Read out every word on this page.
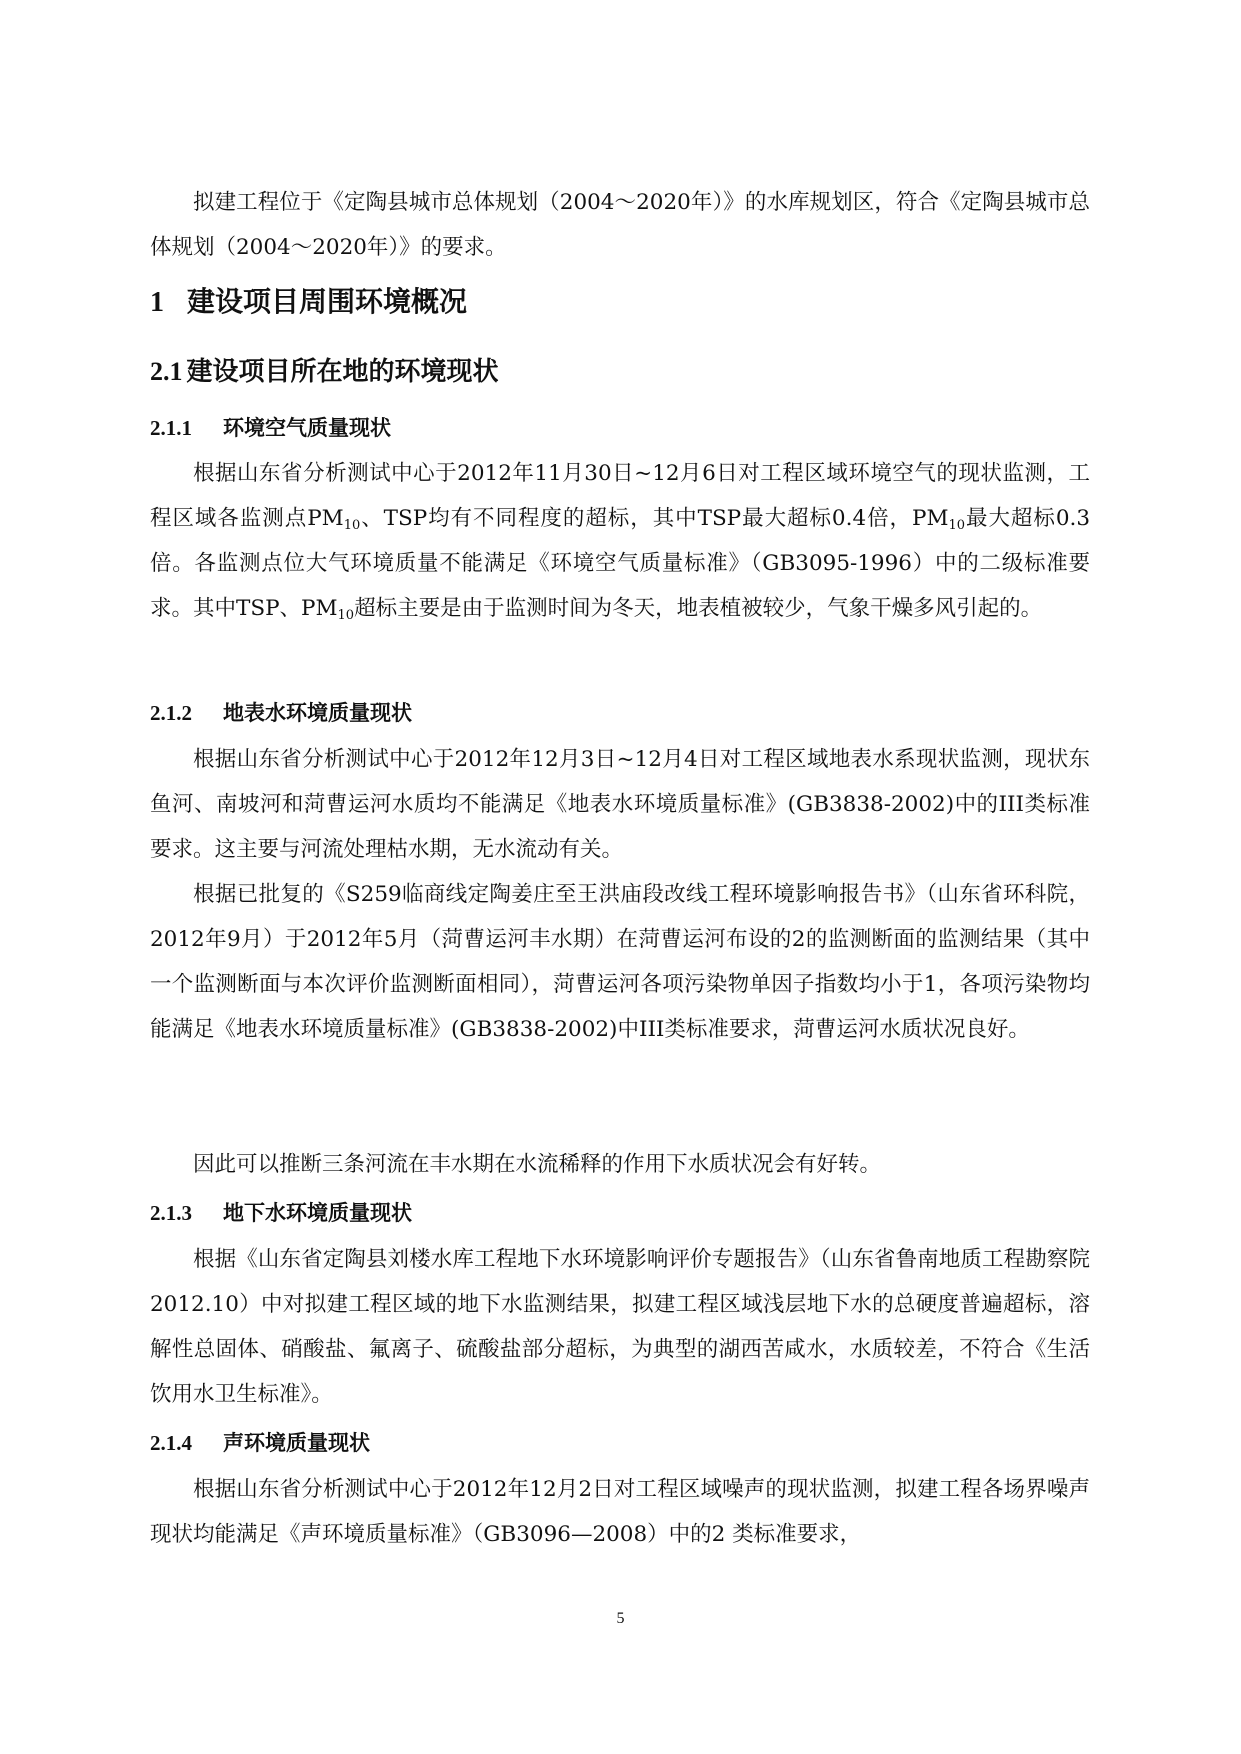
拟建工程位于《定陶县城市总体规划（2004～2020年）》的水库规划区，符合《定陶县城市总体规划（2004～2020年）》的要求。
1 建设项目周围环境概况
2.1 建设项目所在地的环境现状
2.1.1 环境空气质量现状
根据山东省分析测试中心于2012年11月30日~12月6日对工程区域环境空气的现状监测，工程区域各监测点$PM_{10}$、TSP均有不同程度的超标，其中TSP最大超标0.4倍，$PM_{10}$最大超标0.3倍。各监测点位大气环境质量不能满足《环境空气质量标准》（GB3095-1996）中的二级标准要求。其中TSP、$PM_{10}$超标主要是由于监测时间为冬天，地表植被较少，气象干燥多风引起的。
2.1.2 地表水环境质量现状
根据山东省分析测试中心于2012年12月3日~12月4日对工程区域地表水系现状监测，现状东鱼河、南坡河和菏曹运河水质均不能满足《地表水环境质量标准》(GB3838-2002)中的III类标准要求。这主要与河流处理枯水期，无水流动有关。
根据已批复的《S259临商线定陶姜庄至王洪庙段改线工程环境影响报告书》（山东省环科院，2012年9月）于2012年5月（菏曹运河丰水期）在菏曹运河布设的2的监测断面的监测结果（其中一个监测断面与本次评价监测断面相同），菏曹运河各项污染物单因子指数均小于1，各项污染物均能满足《地表水环境质量标准》(GB3838-2002)中III类标准要求，菏曹运河水质状况良好。
因此可以推断三条河流在丰水期在水流稀释的作用下水质状况会有好转。
2.1.3 地下水环境质量现状
根据《山东省定陶县刘楼水库工程地下水环境影响评价专题报告》（山东省鲁南地质工程勘察院2012.10）中对拟建工程区域的地下水监测结果，拟建工程区域浅层地下水的总硬度普遍超标，溶解性总固体、硝酸盐、氟离子、硫酸盐部分超标，为典型的湖西苦咸水，水质较差，不符合《生活饮用水卫生标准》。
2.1.4 声环境质量现状
根据山东省分析测试中心于2012年12月2日对工程区域噪声的现状监测，拟建工程各场界噪声现状均能满足《声环境质量标准》（GB3096—2008）中的2 类标准要求，
5
